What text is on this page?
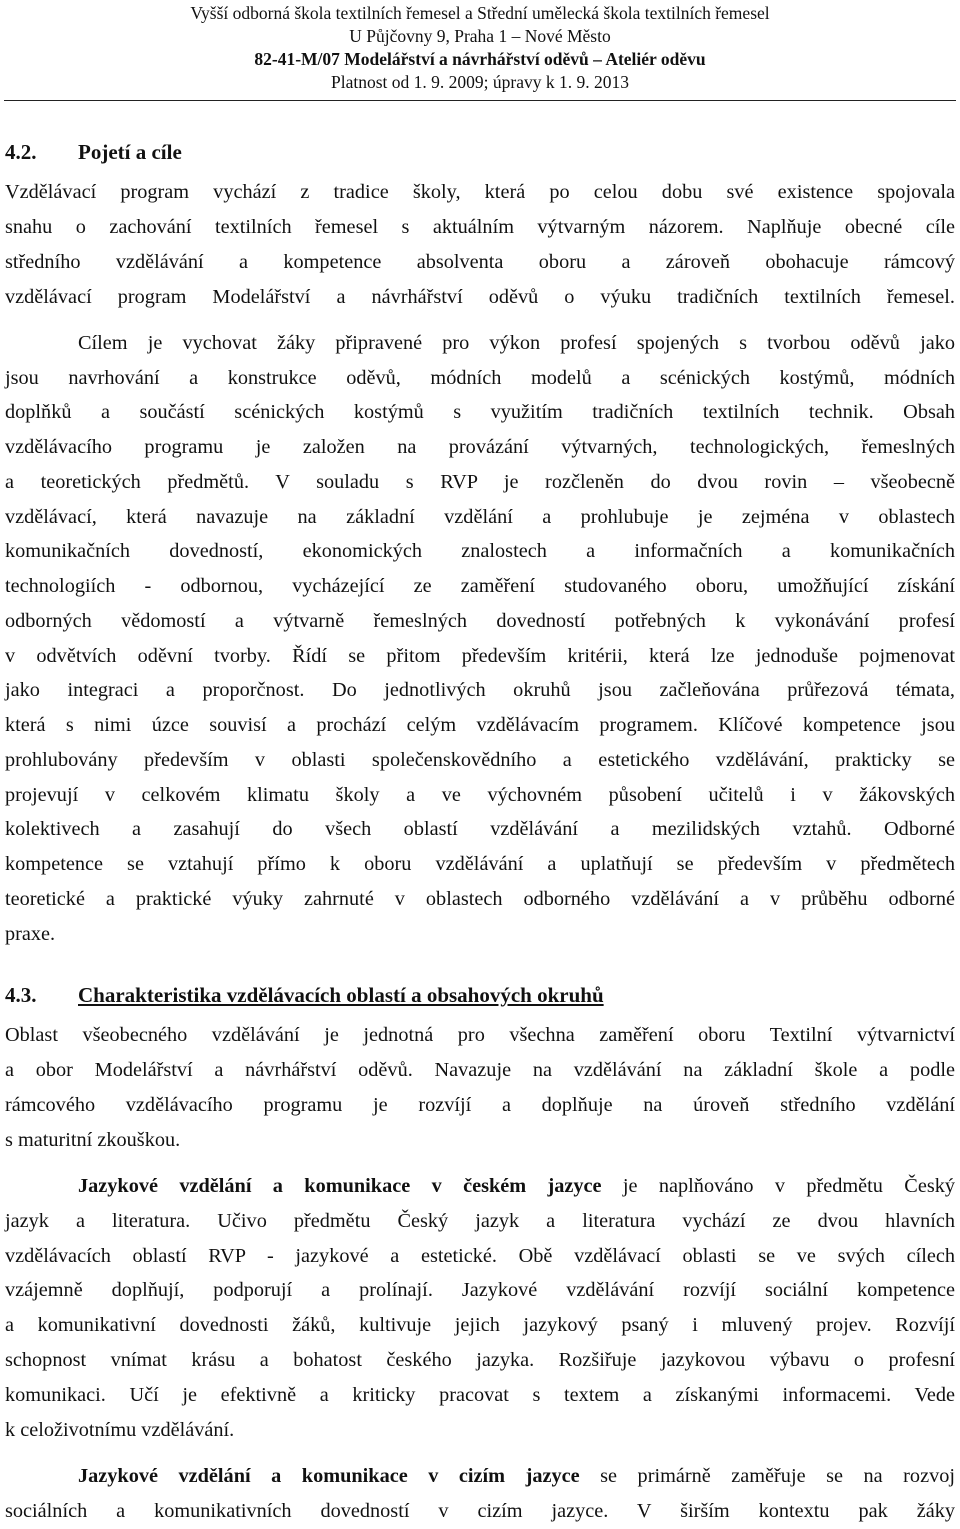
Vyšší odborná škola textilních řemesel a Střední umělecká škola textilních řemesel
U Půjčovny 9, Praha 1 – Nové Město
82-41-M/07 Modelářství a návrhářství oděvů – Ateliér oděvu
Platnost od 1. 9. 2009; úpravy k 1. 9. 2013
4.2. Pojetí a cíle
Vzdělávací program vychází z tradice školy, která po celou dobu své existence spojovala
snahu o zachování textilních řemesel s aktuálním výtvarným názorem. Naplňuje obecné cíle
středního vzdělávání a kompetence absolventa oboru a zároveň obohacuje rámcový
vzdělávací program Modelářství a návrhářství oděvů o výuku tradičních textilních řemesel.
Cílem je vychovat žáky připravené pro výkon profesí spojených s tvorbou oděvů jako
jsou navrhování a konstrukce oděvů, módních modelů a scénických kostýmů, módních
doplňků a součástí scénických kostýmů s využitím tradičních textilních technik. Obsah
vzdělávacího programu je založen na provázání výtvarných, technologických, řemeslných
a teoretických předmětů. V souladu s RVP je rozčleněn do dvou rovin – všeobecně
vzdělávací, která navazuje na základní vzdělání a prohlubuje je zejména v oblastech
komunikačních dovedností, ekonomických znalostech a informačních a komunikačních
technologiích - odbornou, vycházející ze zaměření studovaného oboru, umožňující získání
odborných vědomostí a výtvarně řemeslných dovedností potřebných k vykonávání profesí
v odvětvích oděvní tvorby. Řídí se přitom především kritérii, která lze jednoduše pojmenovat
jako integraci a proporčnost. Do jednotlivých okruhů jsou začleňována průřezová témata,
která s nimi úzce souvisí a prochází celým vzdělávacím programem. Klíčové kompetence jsou
prohlubovány především v oblasti společenskovědního a estetického vzdělávání, prakticky se
projevují v celkovém klimatu školy a ve výchovném působení učitelů i v žákovských
kolektivech a zasahují do všech oblastí vzdělávání a mezilidských vztahů. Odborné
kompetence se vztahují přímo k oboru vzdělávání a uplatňují se především v předmětech
teoretické a praktické výuky zahrnuté v oblastech odborného vzdělávání a v průběhu odborné
praxe.
4.3. Charakteristika vzdělávacích oblastí a obsahových okruhů
Oblast všeobecného vzdělávání je jednotná pro všechna zaměření oboru Textilní výtvarnictví
a obor Modelářství a návrhářství oděvů. Navazuje na vzdělávání na základní škole a podle
rámcového vzdělávacího programu je rozvíjí a doplňuje na úroveň středního vzdělání
s maturitní zkouškou.
Jazykové vzdělání a komunikace v českém jazyce je naplňováno v předmětu Český
jazyk a literatura. Učivo předmětu Český jazyk a literatura vychází ze dvou hlavních
vzdělávacích oblastí RVP - jazykové a estetické. Obě vzdělávací oblasti se ve svých cílech
vzájemně doplňují, podporují a prolínají. Jazykové vzdělávání rozvíjí sociální kompetence
a komunikativní dovednosti žáků, kultivuje jejich jazykový psaný i mluvený projev. Rozvíjí
schopnost vnímat krásu a bohatost českého jazyka. Rozšiřuje jazykovou výbavu o profesní
komunikaci. Učí je efektivně a kriticky pracovat s textem a získanými informacemi. Vede
k celoživotnímu vzdělávání.
Jazykové vzdělání a komunikace v cizím jazyce se primárně zaměřuje se na rozvoj
sociálních a komunikativních dovedností v cizím jazyce. V širším kontextu pak žáky
